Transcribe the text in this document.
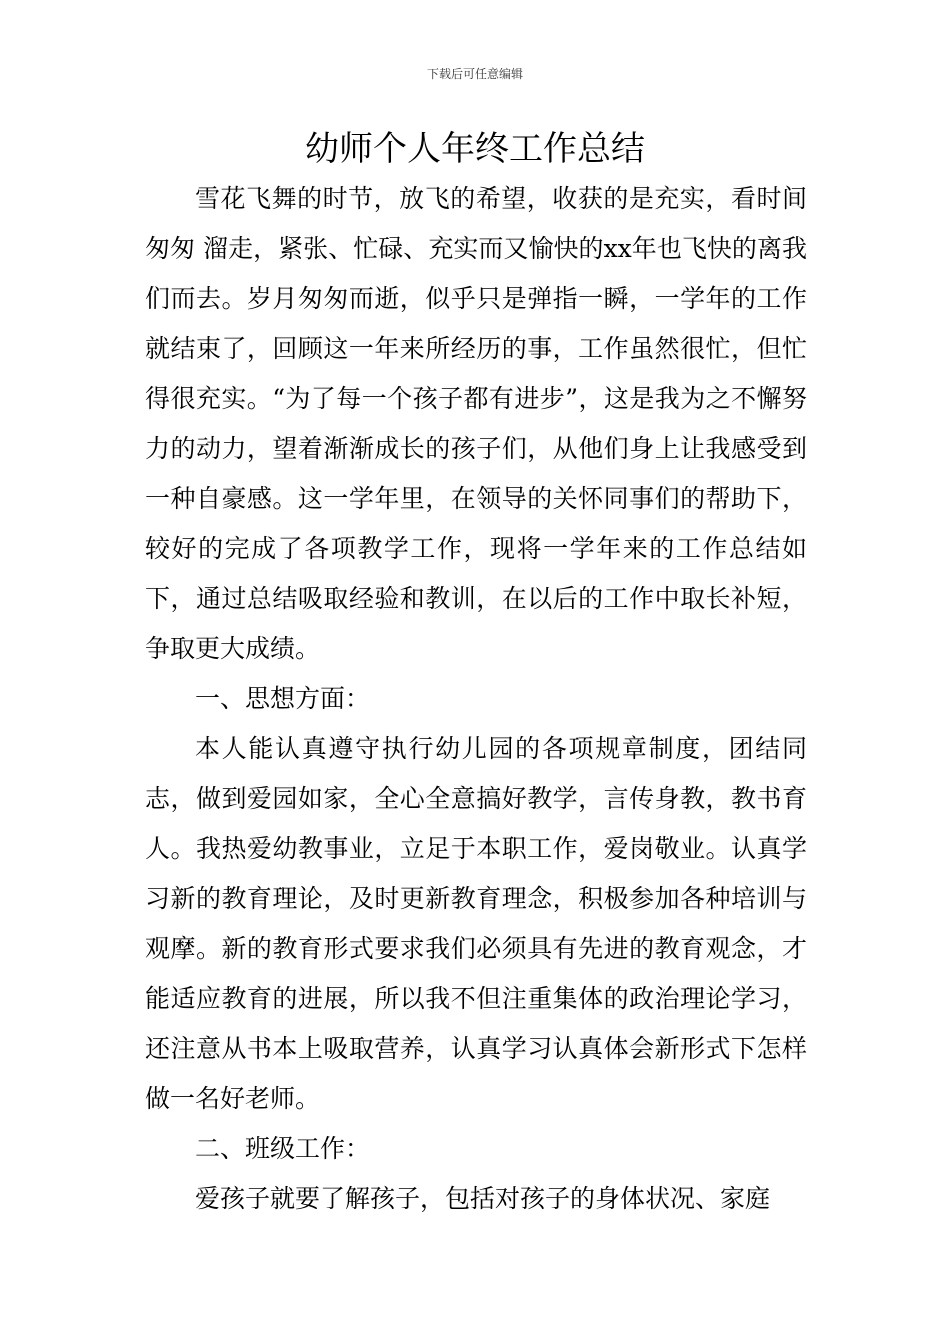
下载后可任意编辑
幼师个人年终工作总结

雪花飞舞的时节，放飞的希望，收获的是充实，看时间匆匆 溜走，紧张、忙碌、充实而又愉快的xx年也飞快的离我们而去。岁月匆匆而逝，似乎只是弹指一瞬，一学年的工作就结束了，回顾这一年来所经历的事，工作虽然很忙，但忙得很充实。“为了每一个孩子都有进步”，这是我为之不懈努力的动力，望着渐渐成长的孩子们，从他们身上让我感受到一种自豪感。这一学年里，在领导的关怀同事们的帮助下，较好的完成了各项教学工作，现将一学年来的工作总结如下，通过总结吸取经验和教训，在以后的工作中取长补短，争取更大成绩。

一、思想方面：

本人能认真遵守执行幼儿园的各项规章制度，团结同志，做到爱园如家，全心全意搞好教学，言传身教，教书育人。我热爱幼教事业，立足于本职工作，爱岗敬业。认真学习新的教育理论，及时更新教育理念，积极参加各种培训与观摩。新的教育形式要求我们必须具有先进的教育观念，才能适应教育的进展，所以我不但注重集体的政治理论学习，还注意从书本上吸取营养，认真学习认真体会新形式下怎样做一名好老师。

二、班级工作：

爱孩子就要了解孩子，包括对孩子的身体状况、家庭
